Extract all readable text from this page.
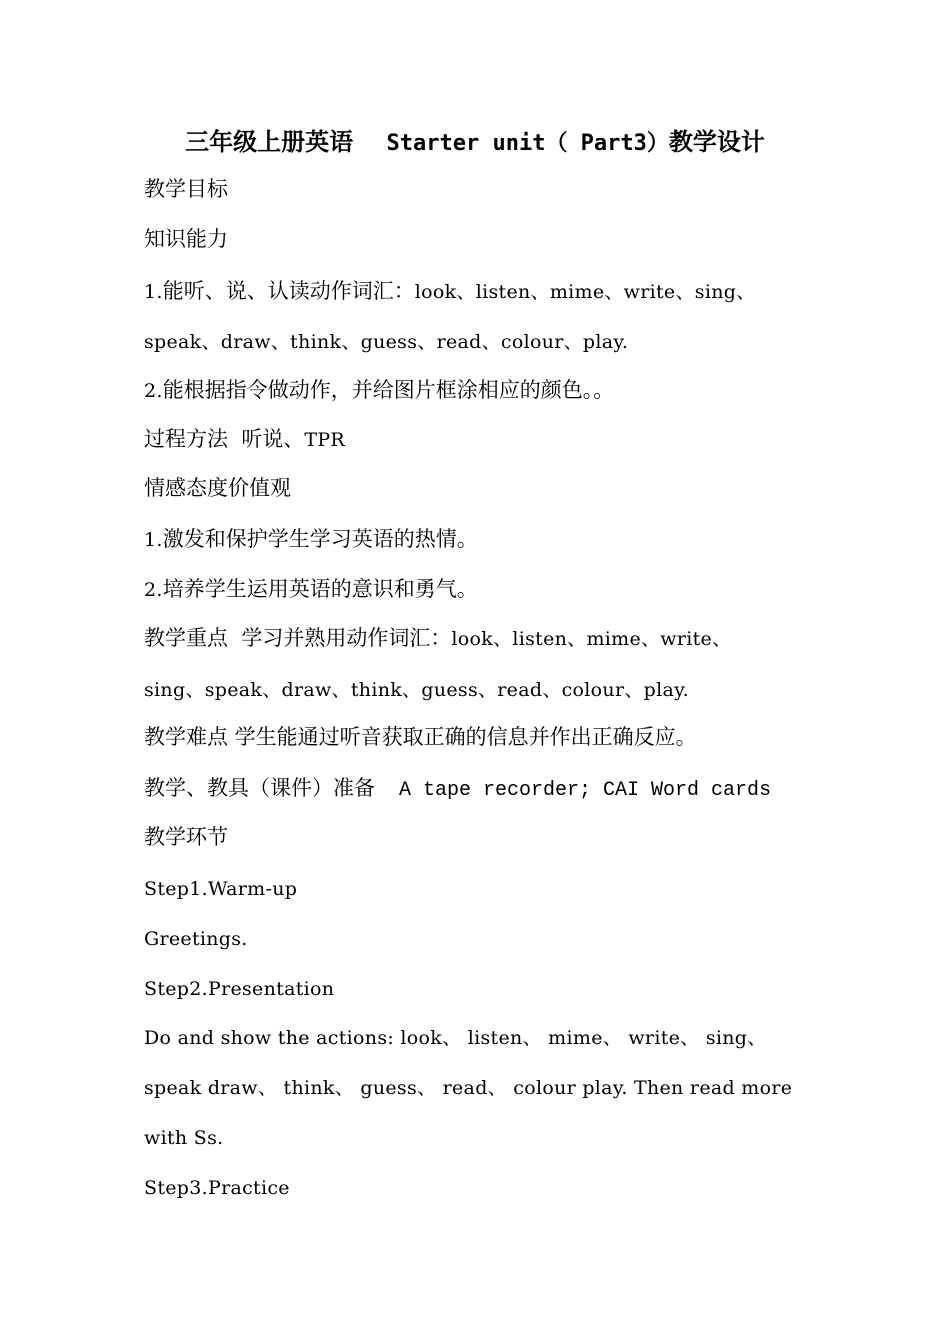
三年级上册英语 Starter unit（ Part3）教学设计
教学目标
知识能力
1.能听、说、认读动作词汇：look、listen、mime、write、sing、
speak、draw、think、guess、read、colour、play.
2.能根据指令做动作，并给图片框涂相应的颜色。。
过程方法  听说、TPR
情感态度价值观
1.激发和保护学生学习英语的热情。
2.培养学生运用英语的意识和勇气。
教学重点  学习并熟用动作词汇：look、listen、mime、write、
sing、speak、draw、think、guess、read、colour、play.
教学难点 学生能通过听音获取正确的信息并作出正确反应。
教学、教具（课件）准备  A tape recorder; CAI Word cards
教学环节
Step1.Warm-up
Greetings.
Step2.Presentation
Do and show the actions: look、 listen、 mime、 write、 sing、
speak draw、 think、 guess、 read、 colour play. Then read more
with Ss.
Step3.Practice
